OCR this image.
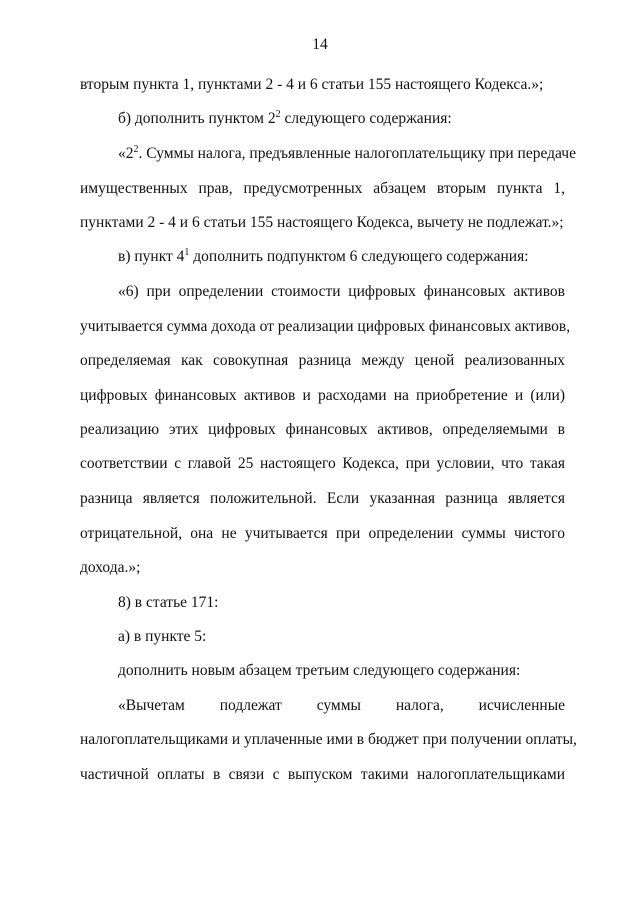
14
вторым пункта 1, пунктами 2 - 4 и 6 статьи 155 настоящего Кодекса.»;
б) дополнить пунктом $2^2$ следующего содержания:
«$2^2$. Суммы налога, предъявленные налогоплательщику при передаче
имущественных прав, предусмотренных абзацем вторым пункта 1,
пунктами 2 - 4 и 6 статьи 155 настоящего Кодекса, вычету не подлежат.»;
в) пункт $4^1$ дополнить подпунктом 6 следующего содержания:
«6) при определении стоимости цифровых финансовых активов
учитывается сумма дохода от реализации цифровых финансовых активов,
определяемая как совокупная разница между ценой реализованных
цифровых финансовых активов и расходами на приобретение и (или)
реализацию этих цифровых финансовых активов, определяемыми в
соответствии с главой 25 настоящего Кодекса, при условии, что такая
разница является положительной. Если указанная разница является
отрицательной, она не учитывается при определении суммы чистого
дохода.»;
8) в статье 171:
а) в пункте 5:
дополнить новым абзацем третьим следующего содержания:
«Вычетам подлежат суммы налога, исчисленные
налогоплательщиками и уплаченные ими в бюджет при получении оплаты,
частичной оплаты в связи с выпуском такими налогоплательщиками
